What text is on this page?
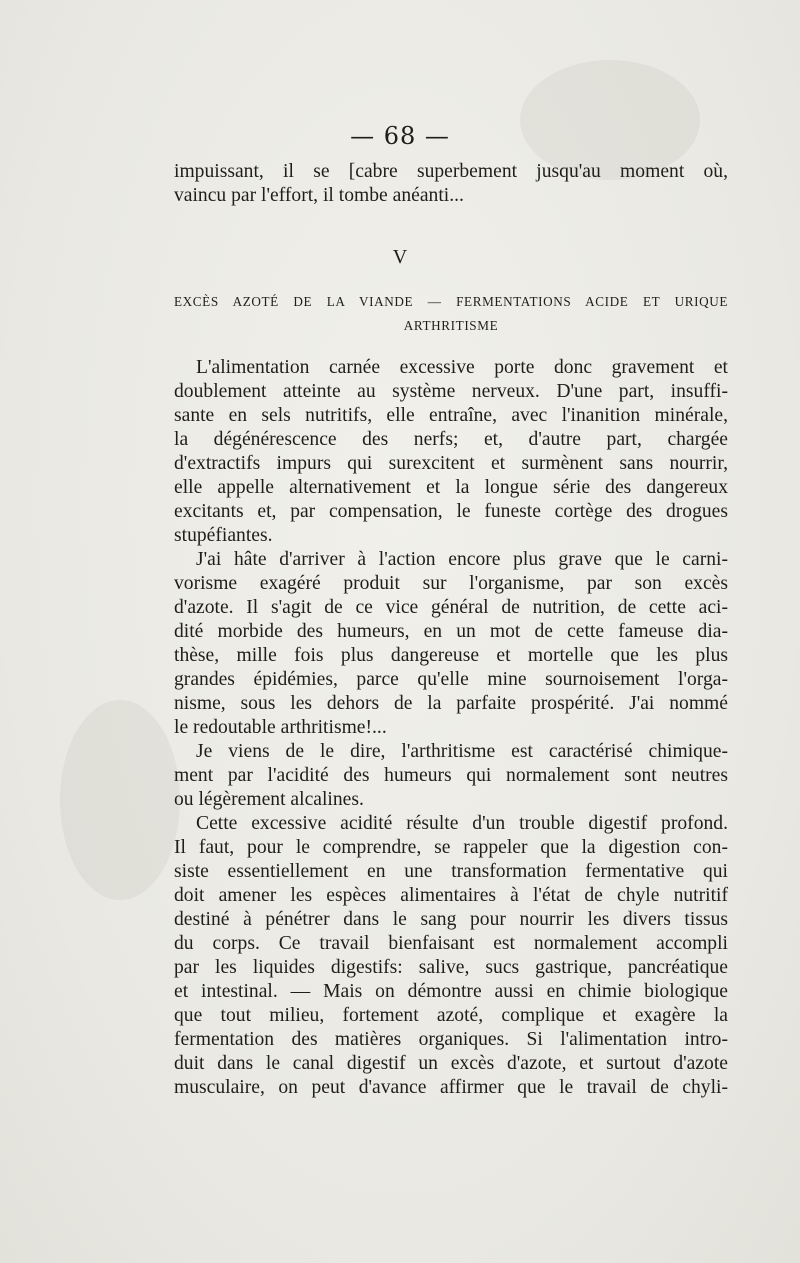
— 68 —
impuissant, il se [cabre superbement jusqu'au moment où,
vaincu par l'effort, il tombe anéanti...
V
EXCÈS AZOTÉ DE LA VIANDE — FERMENTATIONS ACIDE ET URIQUE
ARTHRITISME
L'alimentation carnée excessive porte donc gravement et
doublement atteinte au système nerveux. D'une part, insuffi-
sante en sels nutritifs, elle entraîne, avec l'inanition minérale,
la dégénérescence des nerfs; et, d'autre part, chargée
d'extractifs impurs qui surexcitent et surmènent sans nourrir,
elle appelle alternativement et la longue série des dangereux
excitants et, par compensation, le funeste cortège des drogues
stupéfiantes.
J'ai hâte d'arriver à l'action encore plus grave que le carni-
vorisme exagéré produit sur l'organisme, par son excès
d'azote. Il s'agit de ce vice général de nutrition, de cette aci-
dité morbide des humeurs, en un mot de cette fameuse dia-
thèse, mille fois plus dangereuse et mortelle que les plus
grandes épidémies, parce qu'elle mine sournoisement l'orga-
nisme, sous les dehors de la parfaite prospérité. J'ai nommé
le redoutable arthritisme!...
Je viens de le dire, l'arthritisme est caractérisé chimique-
ment par l'acidité des humeurs qui normalement sont neutres
ou légèrement alcalines.
Cette excessive acidité résulte d'un trouble digestif profond.
Il faut, pour le comprendre, se rappeler que la digestion con-
siste essentiellement en une transformation fermentative qui
doit amener les espèces alimentaires à l'état de chyle nutritif
destiné à pénétrer dans le sang pour nourrir les divers tissus
du corps. Ce travail bienfaisant est normalement accompli
par les liquides digestifs: salive, sucs gastrique, pancréatique
et intestinal. — Mais on démontre aussi en chimie biologique
que tout milieu, fortement azoté, complique et exagère la
fermentation des matières organiques. Si l'alimentation intro-
duit dans le canal digestif un excès d'azote, et surtout d'azote
musculaire, on peut d'avance affirmer que le travail de chyli-
